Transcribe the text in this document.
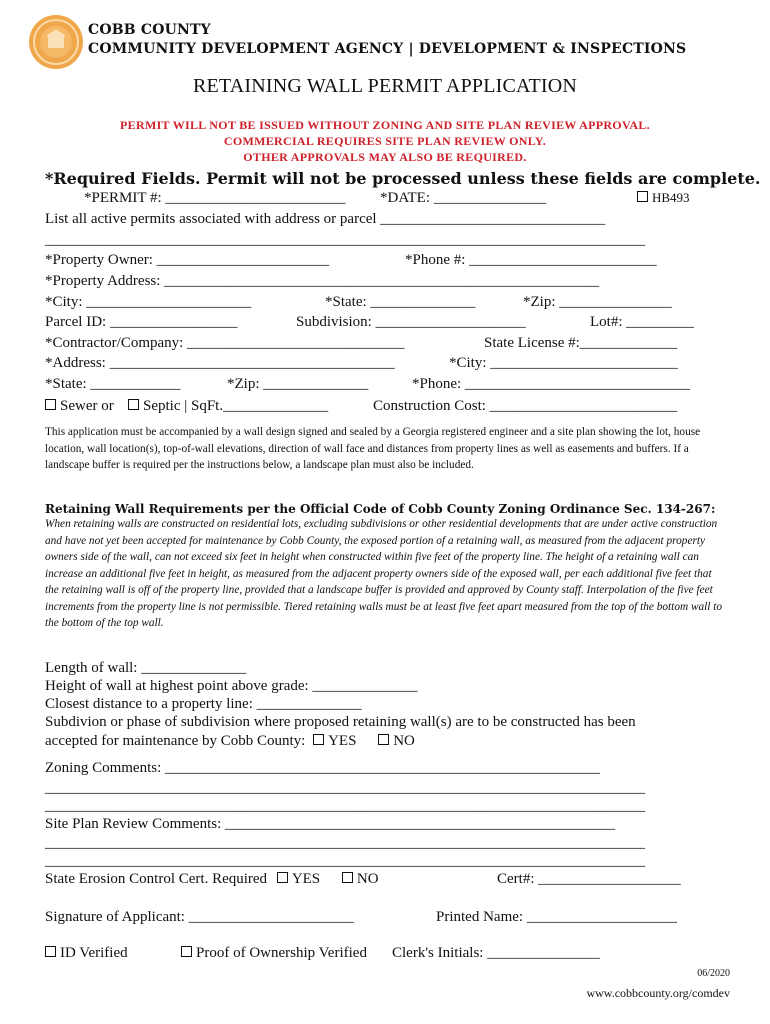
COBB COUNTY
COMMUNITY DEVELOPMENT AGENCY | DEVELOPMENT & INSPECTIONS
RETAINING WALL PERMIT APPLICATION
PERMIT WILL NOT BE ISSUED WITHOUT ZONING AND SITE PLAN REVIEW APPROVAL.
COMMERCIAL REQUIRES SITE PLAN REVIEW ONLY.
OTHER APPROVALS MAY ALSO BE REQUIRED.
*Required Fields. Permit will not be processed unless these fields are complete.
*PERMIT #: ________________________ *DATE: _______________	HB493
List all active permits associated with address or parcel ______________________________
________________________________________________________________________________
*Property Owner: _______________________	*Phone #: _________________________
*Property Address: __________________________________________________________
*City: ______________________	*State: ______________	*Zip: _______________
Parcel ID: _________________	Subdivision: ____________________	Lot#: _________
*Contractor/Company: _____________________________	State License #:_____________
*Address: ______________________________________	*City: _________________________
*State: ____________	*Zip: ______________	*Phone: ______________________________
Sewer or	Septic | SqFt.______________	Construction Cost: _________________________
This application must be accompanied by a wall design signed and sealed by a Georgia registered engineer and a site plan showing the lot, house location, wall location(s), top-of-wall elevations, direction of wall face and distances from property lines as well as easements and buffers. If a landscape buffer is required per the instructions below, a landscape plan must also be included.
Retaining Wall Requirements per the Official Code of Cobb County Zoning Ordinance Sec. 134-267:
When retaining walls are constructed on residential lots, excluding subdivisions or other residential developments that are under active construction and have not yet been accepted for maintenance by Cobb County, the exposed portion of a retaining wall, as measured from the adjacent property owners side of the wall, can not exceed six feet in height when constructed within five feet of the property line. The height of a retaining wall can increase an additional five feet in height, as measured from the adjacent property owners side of the exposed wall, per each additional five feet that the retaining wall is off of the property line, provided that a landscape buffer is provided and approved by County staff. Interpolation of the five feet increments from the property line is not permissible. Tiered retaining walls must be at least five feet apart measured from the top of the bottom wall to the bottom of the top wall.
Length of wall: ______________
Height of wall at highest point above grade: ______________
Closest distance to a property line: ______________
Subdivion or phase of subdivision where proposed retaining wall(s) are to be constructed has been
accepted for maintenance by Cobb County: YES NO
Zoning Comments: __________________________________________________________
________________________________________________________________________________
________________________________________________________________________________
Site Plan Review Comments: ____________________________________________________
________________________________________________________________________________
________________________________________________________________________________
State Erosion Control Cert. Required YES NO	Cert#: ___________________
Signature of Applicant: ______________________	Printed Name: ____________________
ID Verified	Proof of Ownership Verified Clerk's Initials: _______________
06/2020
www.cobbcounty.org/comdev
